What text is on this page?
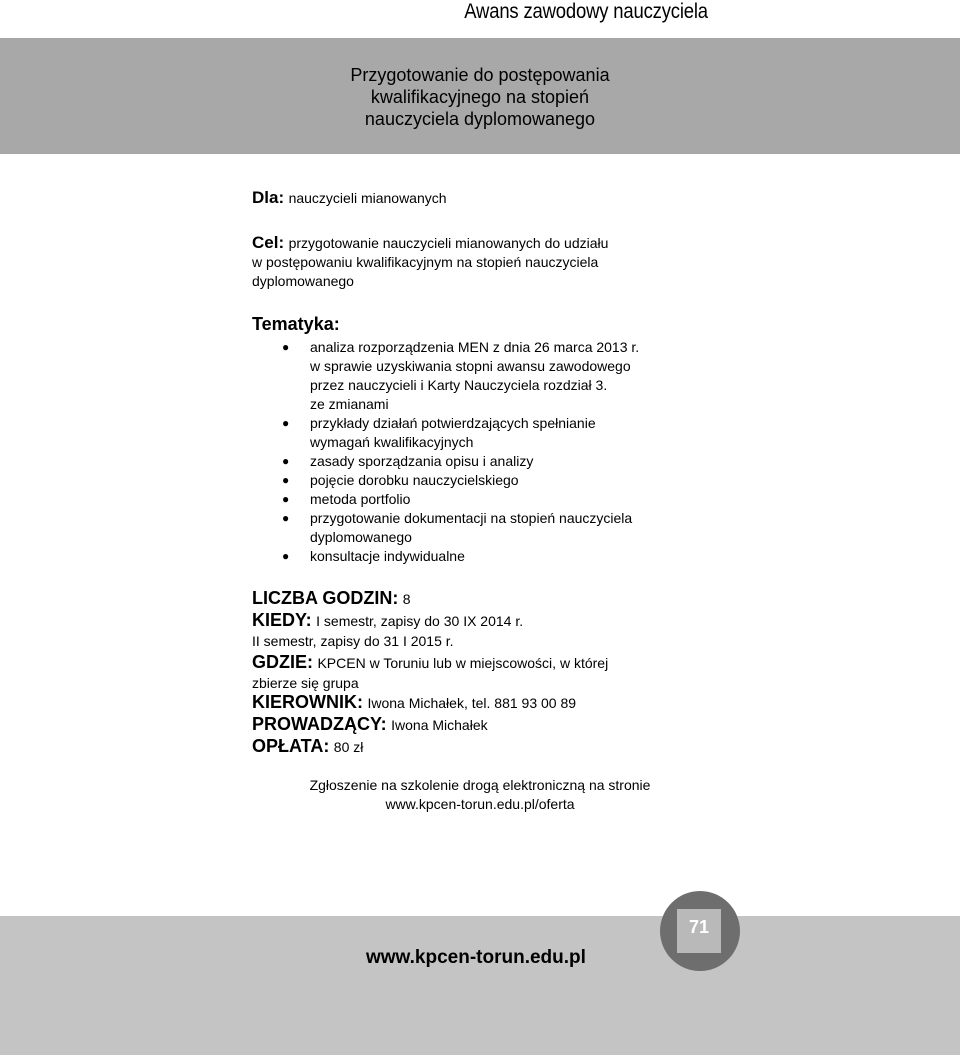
Awans zawodowy nauczyciela
Przygotowanie do postępowania
kwalifikacyjnego na stopień
nauczyciela dyplomowanego
Dla: nauczycieli mianowanych
Cel: przygotowanie nauczycieli mianowanych do udziału
w postępowaniu kwalifikacyjnym na stopień nauczyciela
dyplomowanego
Tematyka:
● analiza rozporządzenia MEN z dnia 26 marca 2013 r.
w sprawie uzyskiwania stopni awansu zawodowego
przez nauczycieli i Karty Nauczyciela rozdział 3.
ze zmianami
● przykłady działań potwierdzających spełnianie
wymagań kwalifikacyjnych
● zasady sporządzania opisu i analizy
● pojęcie dorobku nauczycielskiego
● metoda portfolio
● przygotowanie dokumentacji na stopień nauczyciela
dyplomowanego
● konsultacje indywidualne
LICZBA GODZIN: 8
KIEDY: I semestr, zapisy do 30 IX 2014 r.
II semestr, zapisy do 31 I 2015 r.
GDZIE: KPCEN w Toruniu lub w miejscowości, w której
zbierze się grupa
KIEROWNIK: Iwona Michałek, tel. 881 93 00 89
PROWADZĄCY: Iwona Michałek
OPŁATA: 80 zł
Zgłoszenie na szkolenie drogą elektroniczną na stronie
www.kpcen-torun.edu.pl/oferta
www.kpcen-torun.edu.pl
71
